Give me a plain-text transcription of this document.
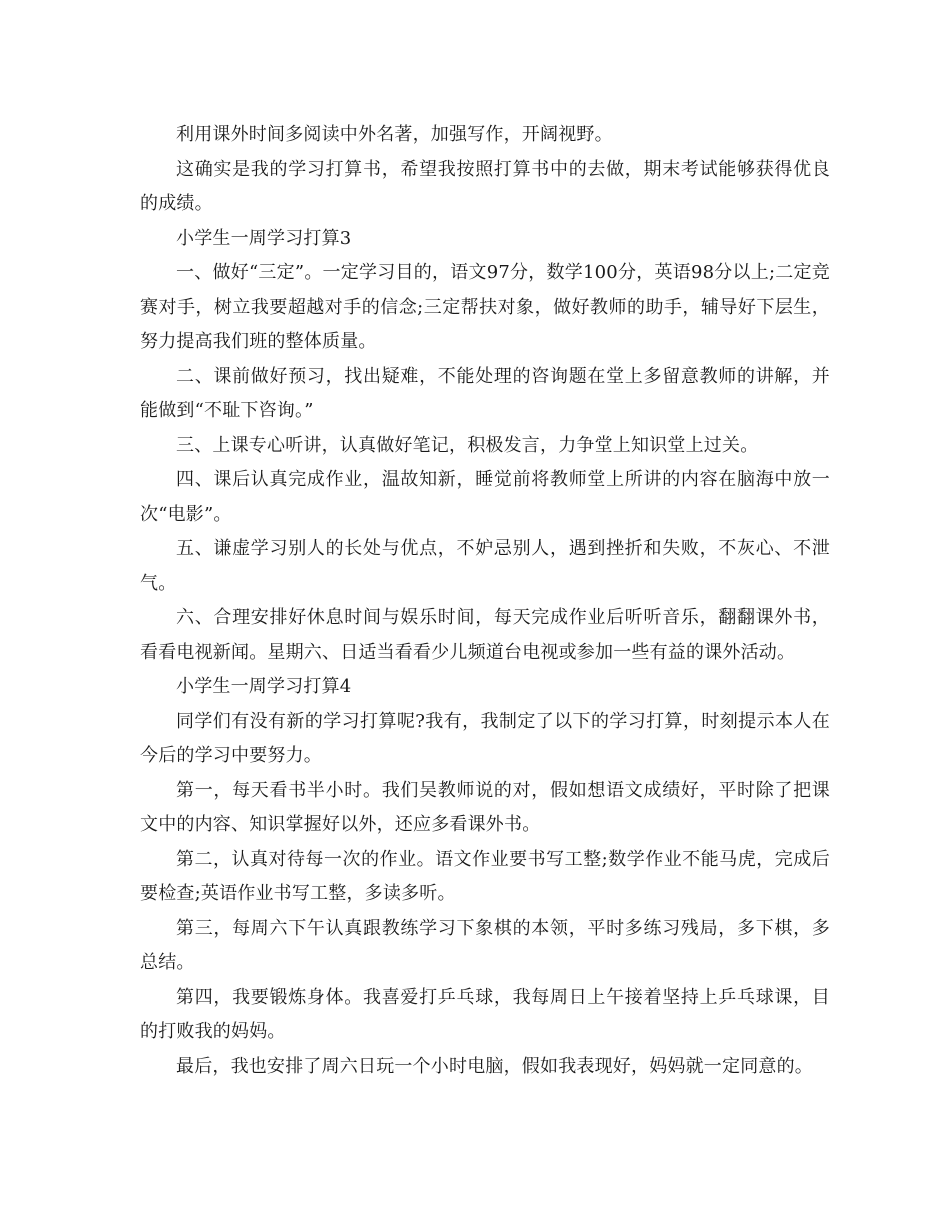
利用课外时间多阅读中外名著，加强写作，开阔视野。

这确实是我的学习打算书，希望我按照打算书中的去做，期末考试能够获得优良的成绩。

小学生一周学习打算3

一、做好“三定”。一定学习目的，语文97分，数学100分，英语98分以上;二定竞赛对手，树立我要超越对手的信念;三定帮扶对象，做好教师的助手，辅导好下层生，努力提高我们班的整体质量。

二、课前做好预习，找出疑难，不能处理的咨询题在堂上多留意教师的讲解，并能做到“不耻下咨询。”

三、上课专心听讲，认真做好笔记，积极发言，力争堂上知识堂上过关。

四、课后认真完成作业，温故知新，睡觉前将教师堂上所讲的内容在脑海中放一次“电影”。

五、谦虚学习别人的长处与优点，不妒忌别人，遇到挫折和失败，不灰心、不泄气。

六、合理安排好休息时间与娱乐时间，每天完成作业后听听音乐，翻翻课外书，看看电视新闻。星期六、日适当看看少儿频道台电视或参加一些有益的课外活动。

小学生一周学习打算4

同学们有没有新的学习打算呢?我有，我制定了以下的学习打算，时刻提示本人在今后的学习中要努力。

第一，每天看书半小时。我们吴教师说的对，假如想语文成绩好，平时除了把课文中的内容、知识掌握好以外，还应多看课外书。

第二，认真对待每一次的作业。语文作业要书写工整;数学作业不能马虎，完成后要检查;英语作业书写工整，多读多听。

第三，每周六下午认真跟教练学习下象棋的本领，平时多练习残局，多下棋，多总结。

第四，我要锻炼身体。我喜爱打乒乓球，我每周日上午接着坚持上乒乓球课，目的打败我的妈妈。

最后，我也安排了周六日玩一个小时电脑，假如我表现好，妈妈就一定同意的。
